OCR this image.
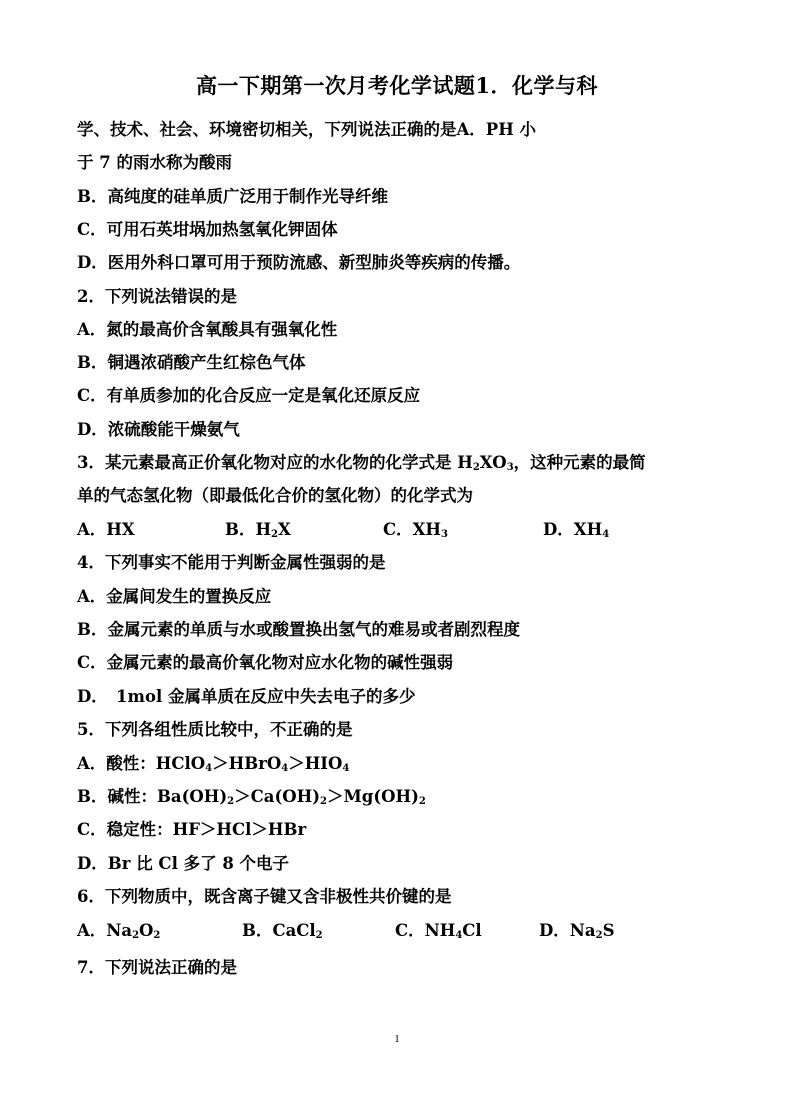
高一下期第一次月考化学试题1．化学与科
学、技术、社会、环境密切相关，下列说法正确的是A．PH 小
于 7 的雨水称为酸雨
B．高纯度的硅单质广泛用于制作光导纤维
C．可用石英坩埚加热氢氧化钾固体
D．医用外科口罩可用于预防流感、新型肺炎等疾病的传播。
2．下列说法错误的是
A．氮的最高价含氧酸具有强氧化性
B．铜遇浓硝酸产生红棕色气体
C．有单质参加的化合反应一定是氧化还原反应
D．浓硫酸能干燥氨气
3．某元素最高正价氧化物对应的水化物的化学式是 $H_2XO_3$，这种元素的最简
单的气态氢化物（即最低化合价的氢化物）的化学式为
A．HX	B．$H_2X$	C．$XH_3$	D．$XH_4$
4．下列事实不能用于判断金属性强弱的是
A．金属间发生的置换反应
B．金属元素的单质与水或酸置换出氢气的难易或者剧烈程度
C．金属元素的最高价氧化物对应水化物的碱性强弱
D．　1mol 金属单质在反应中失去电子的多少
5．下列各组性质比较中，不正确的是
A．酸性：$HClO_4>HBrO_4>HIO_4$
B．碱性：$Ba(OH)_2>Ca(OH)_2>Mg(OH)_2$
C．稳定性：HF＞HCl＞HBr
D．Br 比 Cl 多了 8 个电子
6．下列物质中，既含离子键又含非极性共价键的是
A．$Na_2O_2$	B．CaCl$_2$	C．$NH_4Cl$	D．$Na_2S$
7．下列说法正确的是
1
